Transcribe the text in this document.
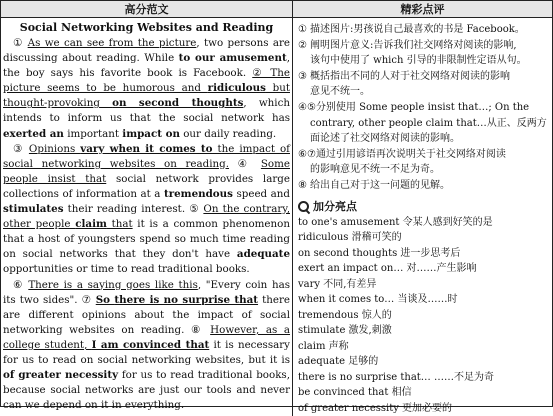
高分范文	精彩点评
Social Networking Websites and Reading

① As we can see from the picture, two persons are discussing about reading. While to our amusement, the boy says his favorite book is Facebook. ② The picture seems to be humorous and ridiculous but thought-provoking on second thoughts, which intends to inform us that the social network has exerted an important impact on our daily reading.

③ Opinions vary when it comes to the impact of social networking websites on reading. ④ Some people insist that social network provides large collections of information at a tremendous speed and stimulates their reading interest. ⑤ On the contrary, other people claim that it is a common phenomenon that a host of youngsters spend so much time reading on social networks that they don't have adequate opportunities or time to read traditional books.

⑥ There is a saying goes like this, "Every coin has its two sides". ⑦ So there is no surprise that there are different opinions about the impact of social networking websites on reading. ⑧ However, as a college student, I am convinced that it is necessary for us to read on social networking websites, but it is of greater necessity for us to read traditional books, because social networks are just our tools and never can we depend on it in everything.

① 描述图片:男孩说自己最喜欢的书是 Facebook。
② 阐明图片意义:告诉我们社交网络对阅读的影响,
该句中使用了 which 引导的非限制性定语从句。
③ 概括指出不同的人对于社交网络对阅读的影响
意见不统一。
④⑤分别使用 Some people insist that…; On the
contrary, other people claim that…从正、反两方
面论述了社交网络对阅读的影响。
⑥⑦通过引用谚语再次说明关于社交网络对阅读
的影响意见不统一不足为奇。
⑧ 给出自己对于这一问题的见解。
加分亮点
to one's amusement 令某人感到好笑的是
ridiculous 滑稽可笑的
on second thoughts 进一步思考后
exert an impact on… 对……产生影响
vary 不同,有差异
when it comes to… 当谈及……时
tremendous 惊人的
stimulate 激发,刺激
claim 声称
adequate 足够的
there is no surprise that… ……不足为奇
be convinced that 相信
of greater necessity 更加必要的
